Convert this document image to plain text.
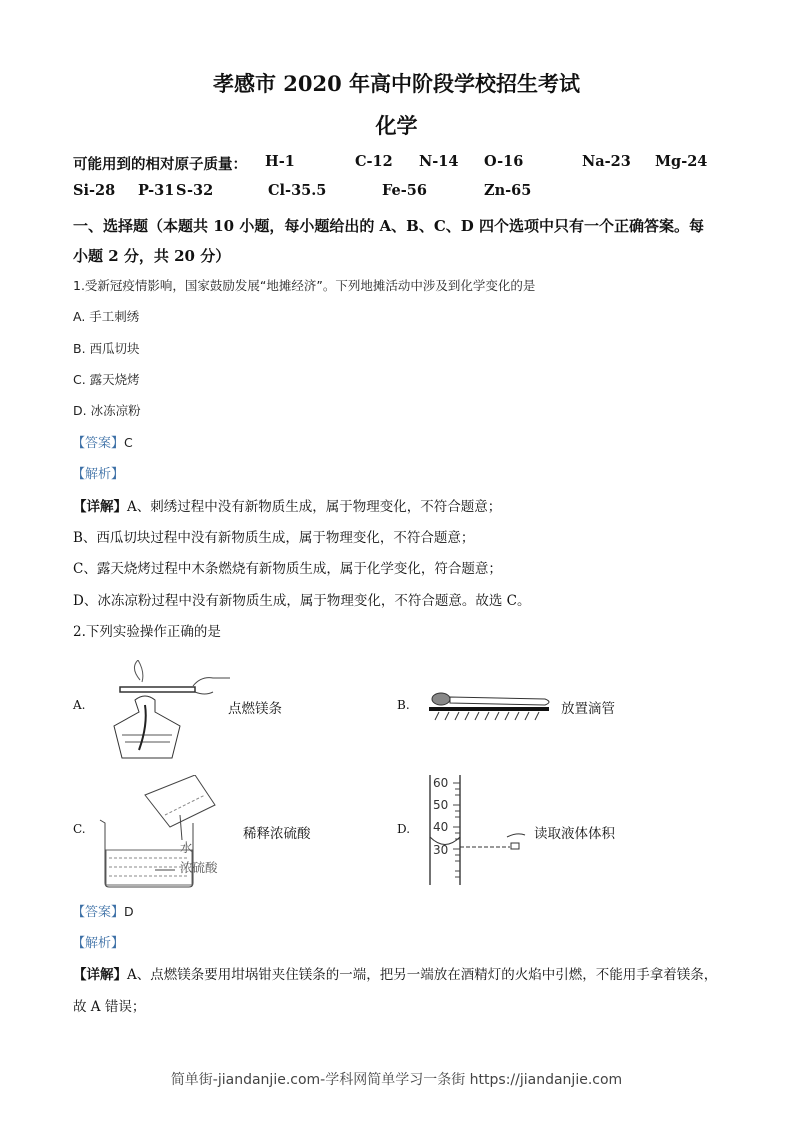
孝感市 2020 年高中阶段学校招生考试
化学
可能用到的相对原子质量： H-1	C-12 N-14 O-16	Na-23 Mg-24
Si-28 P-31 S-32	Cl-35.5	Fe-56	Zn-65
一、选择题（本题共 10 小题，每小题给出的 A、B、C、D 四个选项中只有一个正确答案。每
小题 2 分，共 20 分）
1.受新冠疫情影响，国家鼓励发展“地摊经济”。下列地摊活动中涉及到化学变化的是
A. 手工刺绣
B. 西瓜切块
C. 露天烧烤
D. 冰冻凉粉
【答案】C
【解析】
【详解】A、刺绣过程中没有新物质生成，属于物理变化，不符合题意；
B、西瓜切块过程中没有新物质生成，属于物理变化，不符合题意；
C、露天烧烤过程中木条燃烧有新物质生成，属于化学变化，符合题意；
D、冰冻凉粉过程中没有新物质生成，属于物理变化，不符合题意。故选 C。
2.下列实验操作正确的是
A.	点燃镁条	B.	放置滴管
C.
水
浓硫酸
稀释浓硫酸	D.
60
50
40
30
读取液体体积
【答案】D
【解析】
【详解】A、点燃镁条要用坩埚钳夹住镁条的一端，把另一端放在酒精灯的火焰中引燃，不能用手拿着镁条，
故 A 错误；
简单街-jiandanjie.com-学科网简单学习一条街 https://jiandanjie.com
